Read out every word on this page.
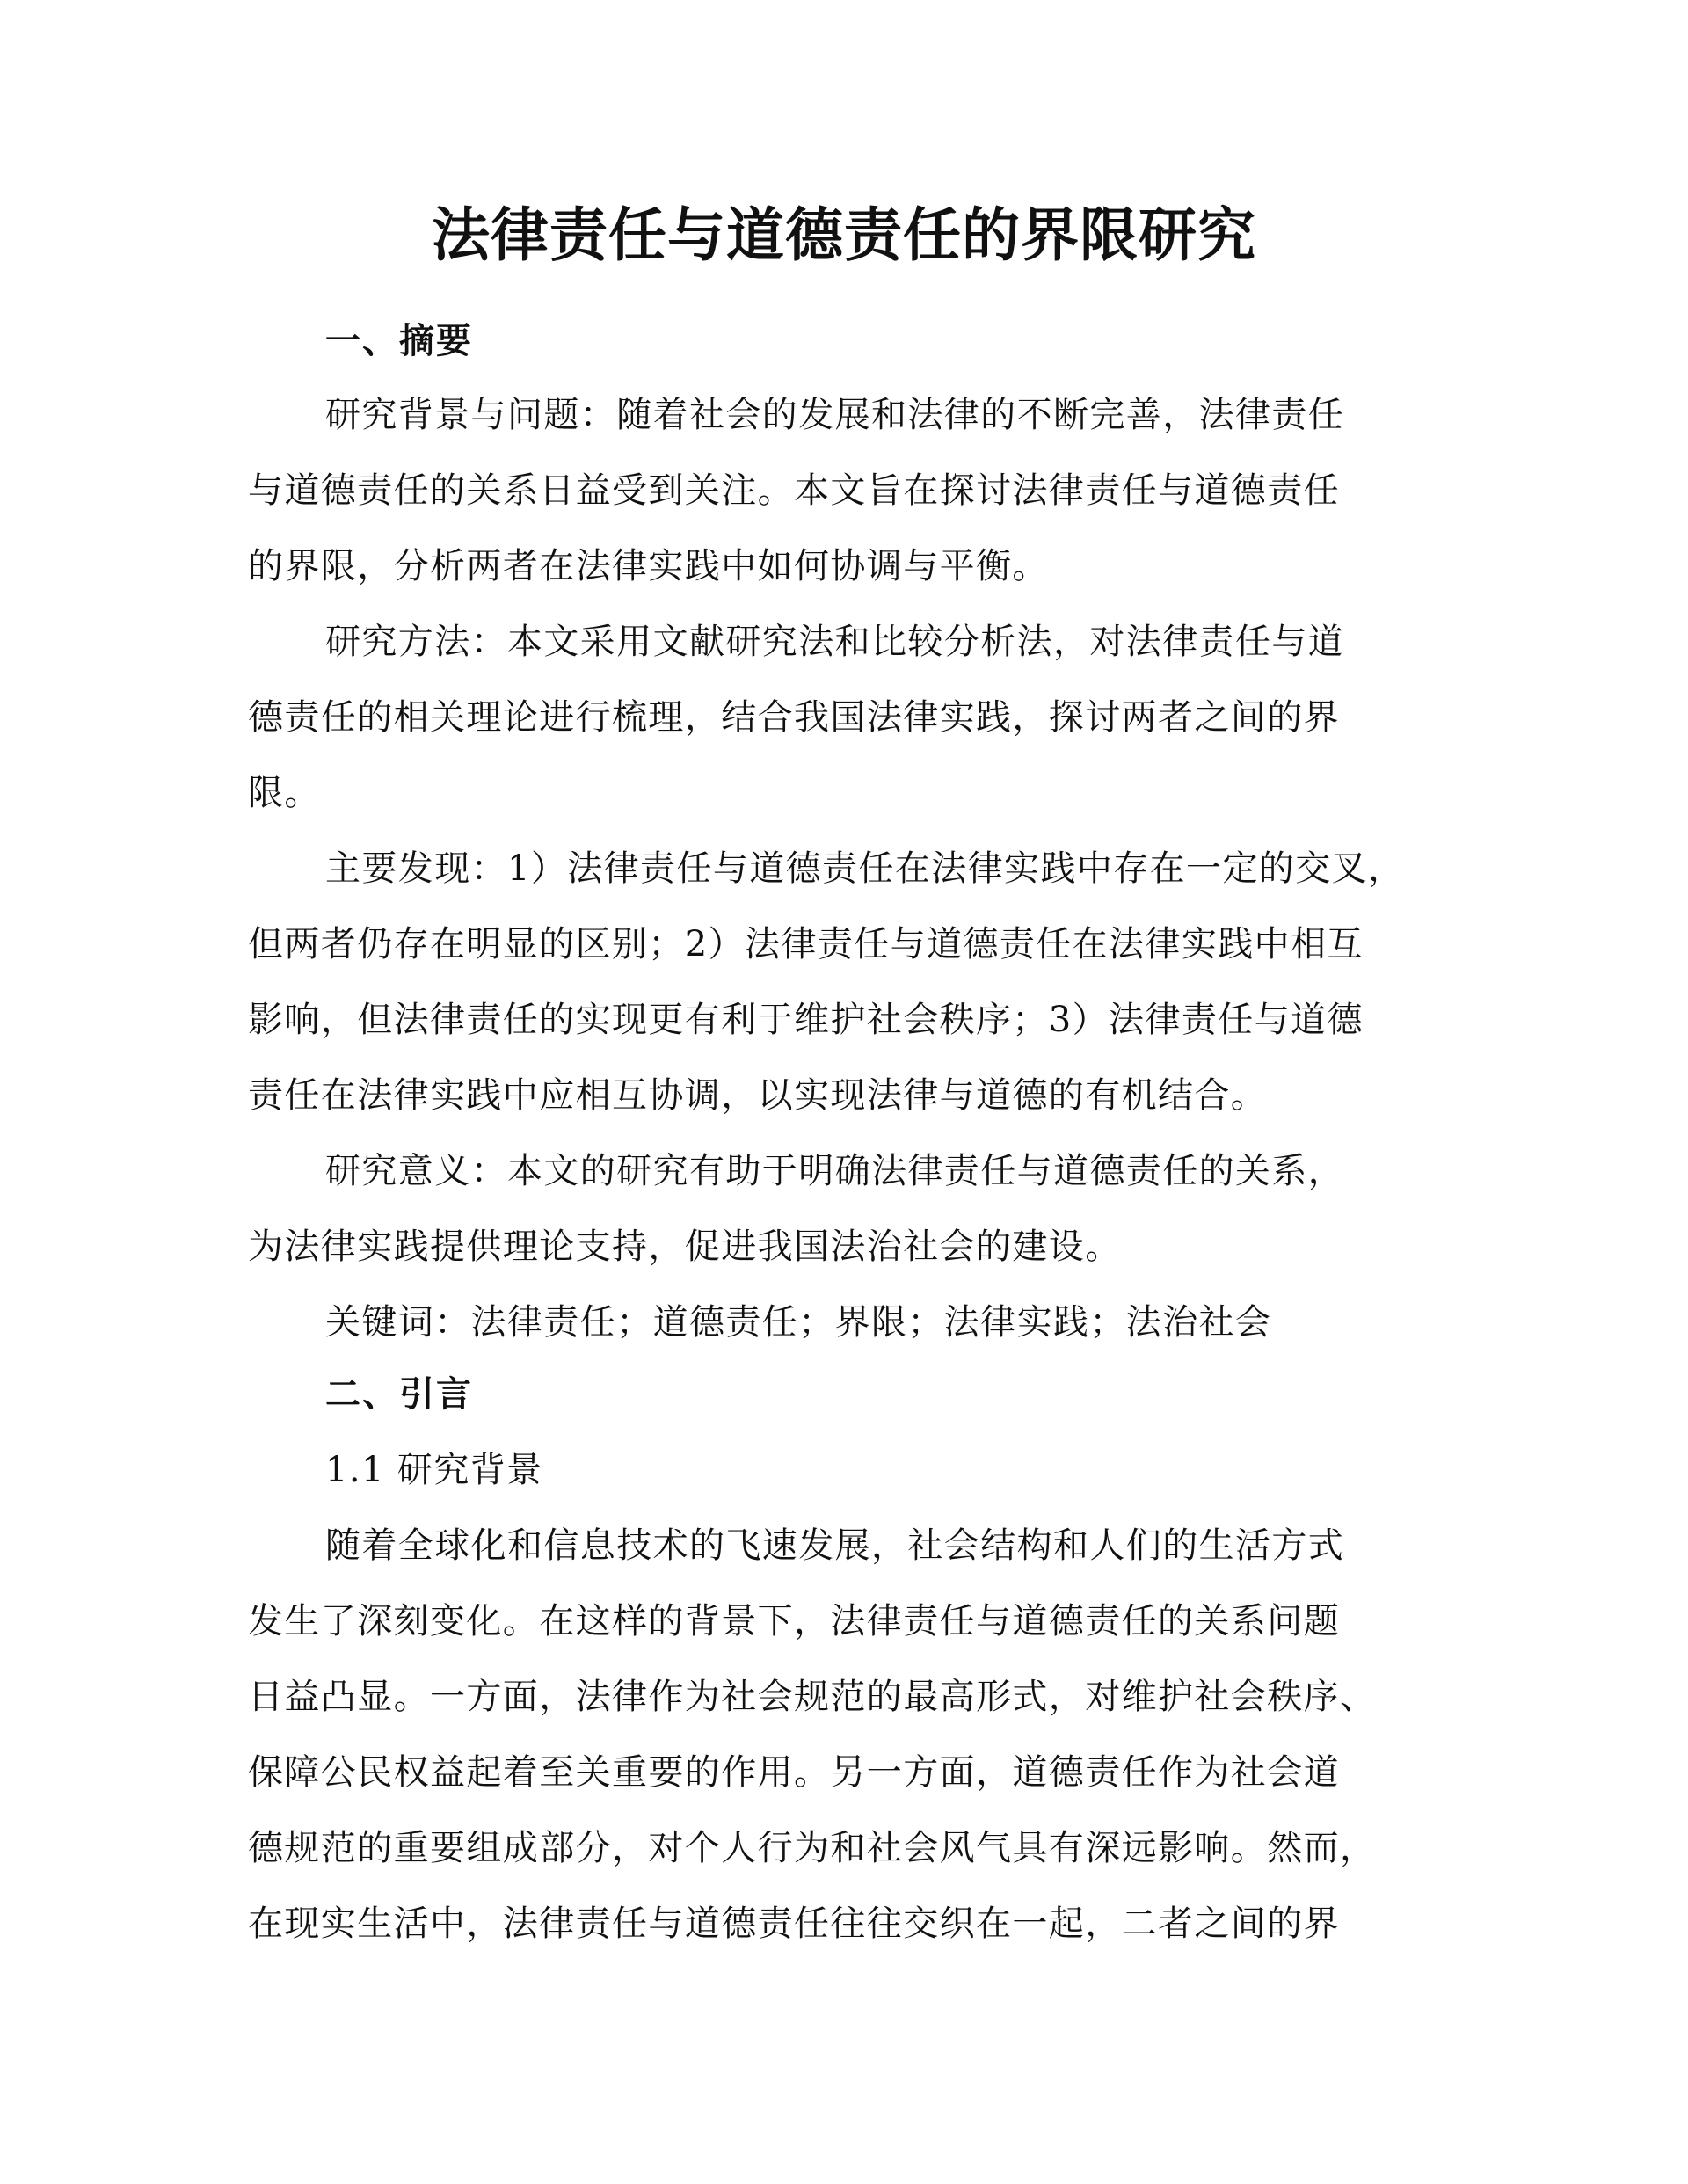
法律责任与道德责任的界限研究
一、摘要
研究背景与问题：随着社会的发展和法律的不断完善，法律责任
与道德责任的关系日益受到关注。本文旨在探讨法律责任与道德责任
的界限，分析两者在法律实践中如何协调与平衡。
研究方法：本文采用文献研究法和比较分析法，对法律责任与道
德责任的相关理论进行梳理，结合我国法律实践，探讨两者之间的界
限。
主要发现：1）法律责任与道德责任在法律实践中存在一定的交叉，
但两者仍存在明显的区别；2）法律责任与道德责任在法律实践中相互
影响，但法律责任的实现更有利于维护社会秩序；3）法律责任与道德
责任在法律实践中应相互协调，以实现法律与道德的有机结合。
研究意义：本文的研究有助于明确法律责任与道德责任的关系，
为法律实践提供理论支持，促进我国法治社会的建设。
关键词：法律责任；道德责任；界限；法律实践；法治社会
二、引言
1.1 研究背景
随着全球化和信息技术的飞速发展，社会结构和人们的生活方式
发生了深刻变化。在这样的背景下，法律责任与道德责任的关系问题
日益凸显。一方面，法律作为社会规范的最高形式，对维护社会秩序、
保障公民权益起着至关重要的作用。另一方面，道德责任作为社会道
德规范的重要组成部分，对个人行为和社会风气具有深远影响。然而，
在现实生活中，法律责任与道德责任往往交织在一起，二者之间的界
